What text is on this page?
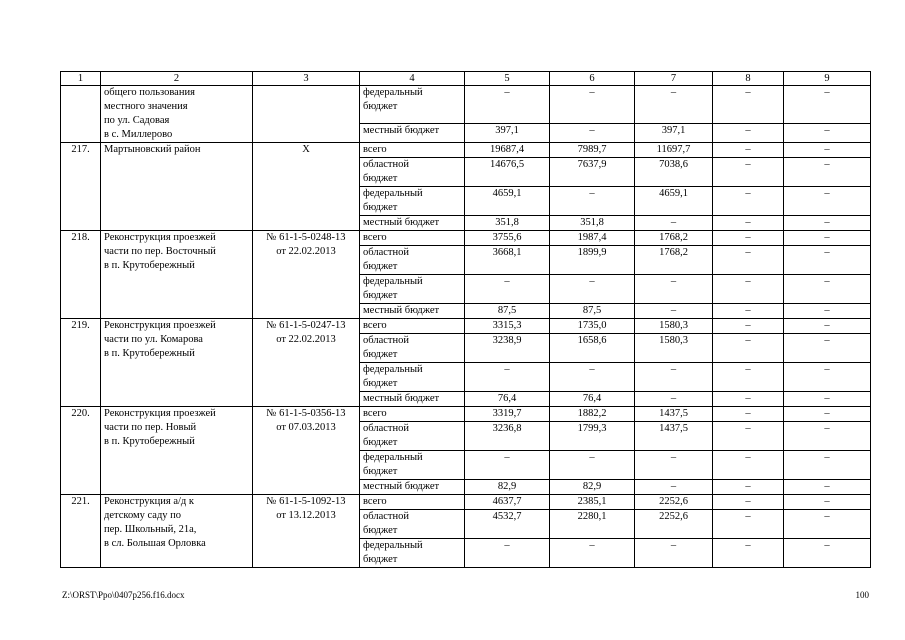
1	2	3	4	5	6	7	8	9
	общего пользования
местного значения
по ул. Садовая
в с. Миллерово		федеральный
бюджет	–	–	–	–	–
			местный бюджет	397,1	–	397,1	–	–
217.	Мартыновский район	Х	всего	19687,4	7989,7	11697,7	–	–
			областной
бюджет	14676,5	7637,9	7038,6	–	–
			федеральный
бюджет	4659,1	–	4659,1	–	–
			местный бюджет	351,8	351,8	–	–	–
218.	Реконструкция проезжей
части по пер. Восточный
в п. Крутобережный	№ 61-1-5-0248-13
от 22.02.2013	всего	3755,6	1987,4	1768,2	–	–
			областной
бюджет	3668,1	1899,9	1768,2	–	–
			федеральный
бюджет	–	–	–	–	–
			местный бюджет	87,5	87,5	–	–	–
219.	Реконструкция проезжей
части по ул. Комарова
в п. Крутобережный	№ 61-1-5-0247-13
от 22.02.2013	всего	3315,3	1735,0	1580,3	–	–
			областной
бюджет	3238,9	1658,6	1580,3	–	–
			федеральный
бюджет	–	–	–	–	–
			местный бюджет	76,4	76,4	–	–	–
220.	Реконструкция проезжей
части по пер. Новый
в п. Крутобережный	№ 61-1-5-0356-13
от 07.03.2013	всего	3319,7	1882,2	1437,5	–	–
			областной
бюджет	3236,8	1799,3	1437,5	–	–
			федеральный
бюджет	–	–	–	–	–
			местный бюджет	82,9	82,9	–	–	–
221.	Реконструкция а/д к
детскому саду по
пер. Школьный, 21а,
в сл. Большая Орловка	№ 61-1-5-1092-13
от 13.12.2013	всего	4637,7	2385,1	2252,6	–	–
			областной
бюджет	4532,7	2280,1	2252,6	–	–
			федеральный
бюджет	–	–	–	–	–
Z:\ORST\Ppo\0407p256.f16.docx	100
